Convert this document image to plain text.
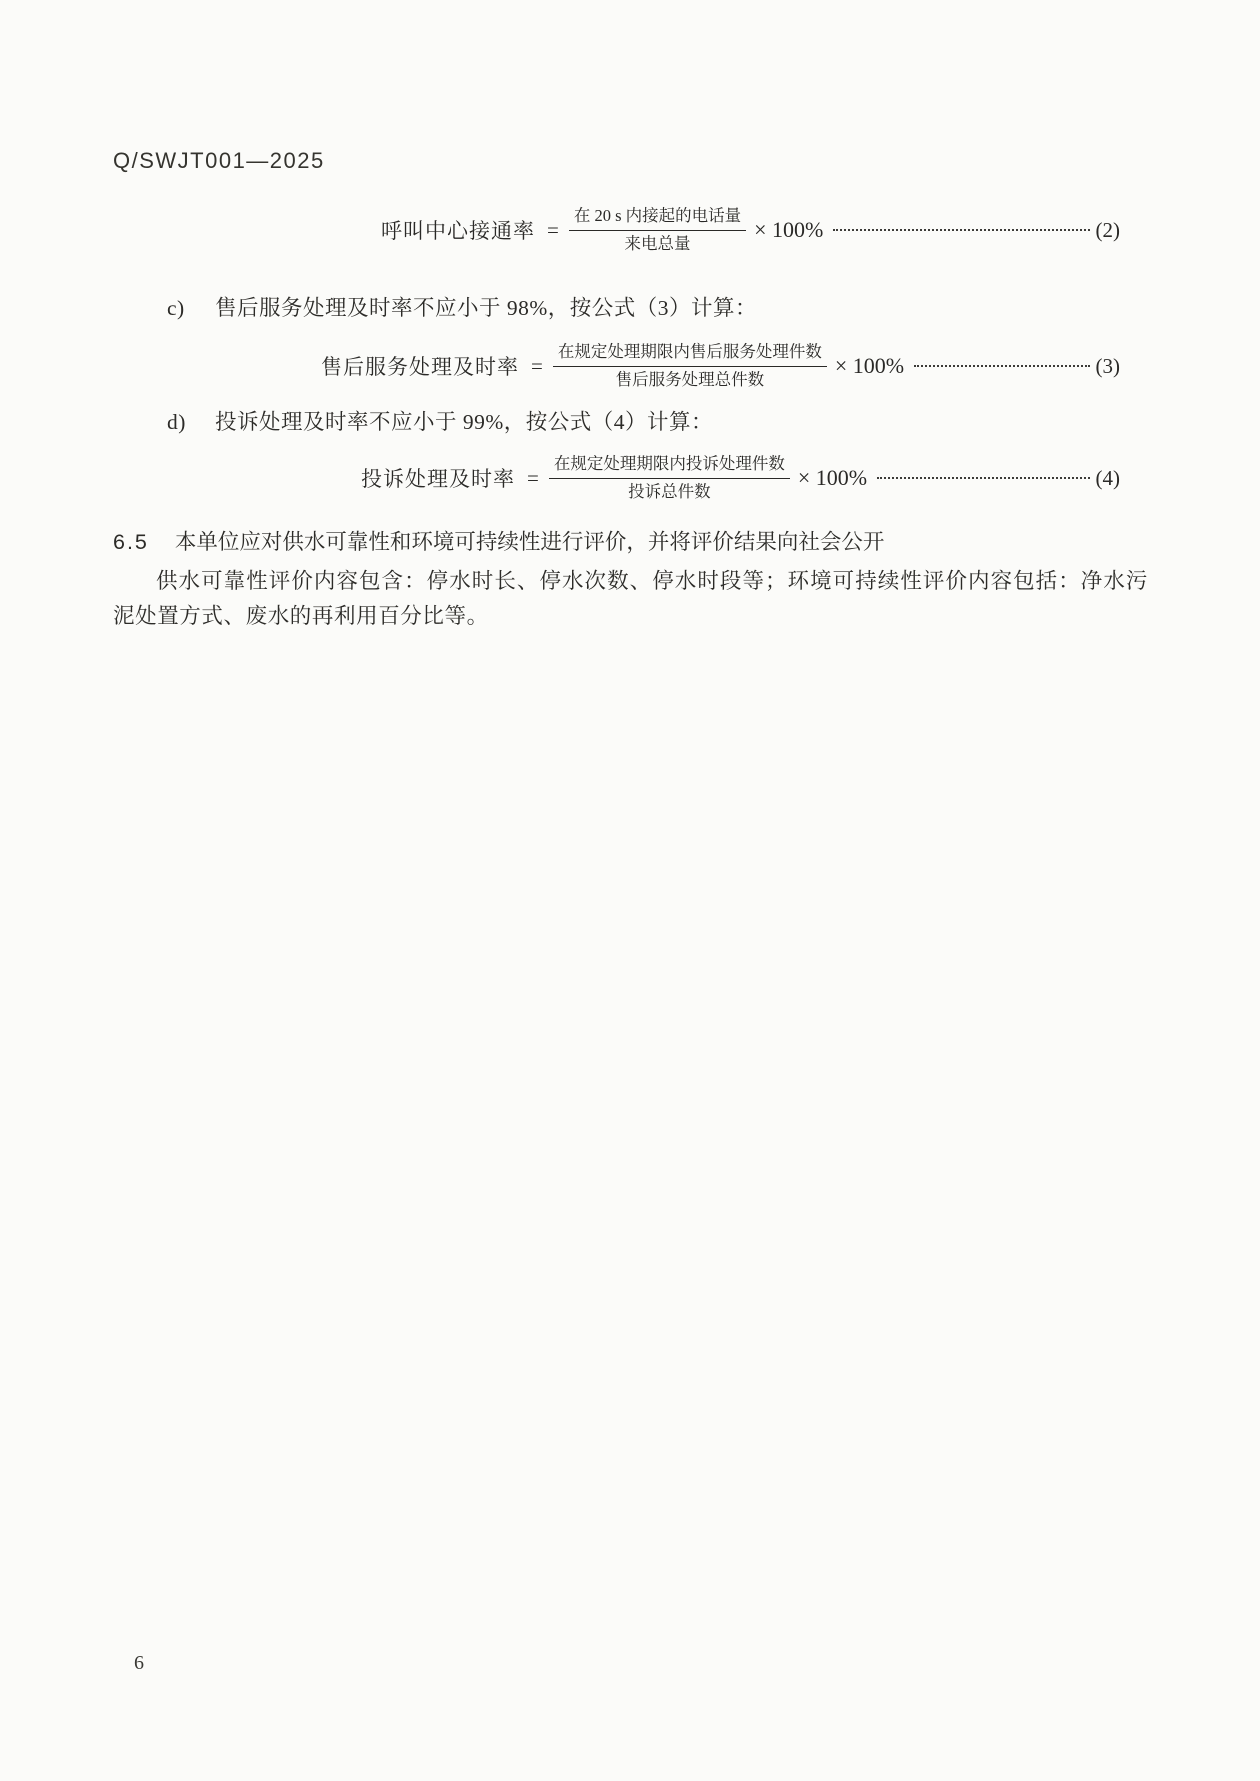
Q/SWJT001—2025
呼叫中心接通率 = $\frac{\text{在 20 s 内接起的电话量}}{\text{来电总量}} \times 100\%$	(2)
c)	售后服务处理及时率不应小于 98%，按公式（3）计算：
售后服务处理及时率 = $\frac{\text{在规定处理期限内售后服务处理件数}}{\text{售后服务处理总件数}} \times 100\%$	(3)
d)	投诉处理及时率不应小于 99%，按公式（4）计算：
投诉处理及时率 = $\frac{\text{在规定处理期限内投诉处理件数}}{\text{投诉总件数}} \times 100\%$	(4)
6.5 本单位应对供水可靠性和环境可持续性进行评价，并将评价结果向社会公开
供水可靠性评价内容包含：停水时长、停水次数、停水时段等；环境可持续性评价内容包括：净水污泥处置方式、废水的再利用百分比等。
6
